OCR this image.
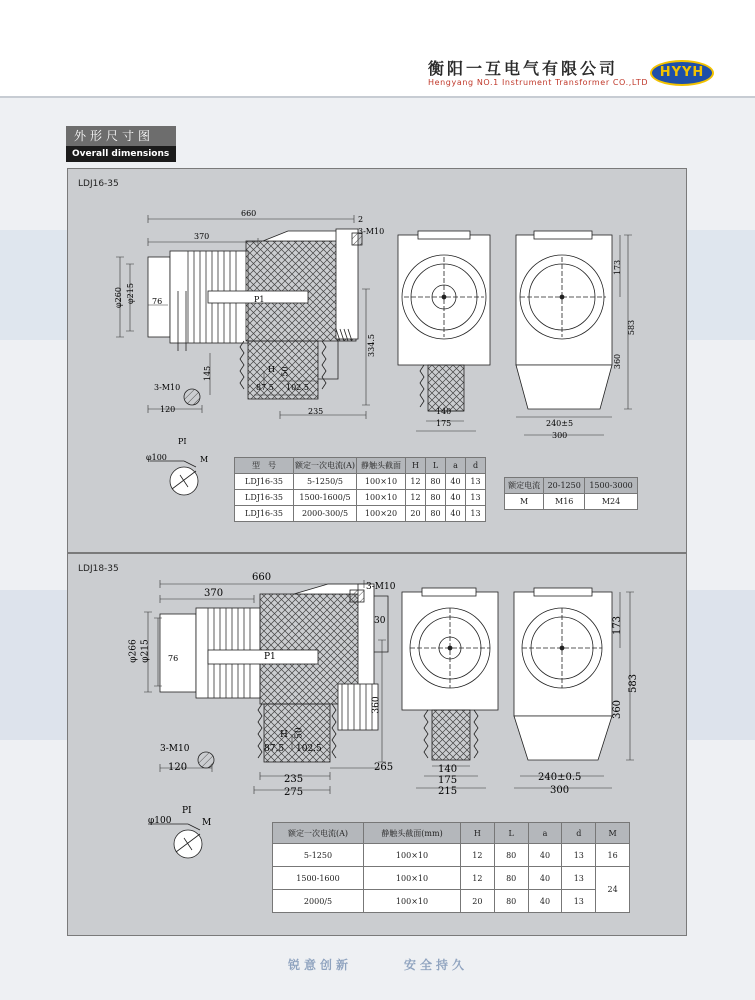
衡阳一互电气有限公司
Hengyang NO.1 Instrument Transformer CO.,LTD
HYYH
外形尺寸图
Overall dimensions
LDJ16-35
660
370
2
3-M10
φ260 φ215 76	P1
334.5
145	H 50
87.5 102.5
3-M10
120	235	140
175
173
583
360
240±5
300
PI
φ100	M
型　号	额定一次电流(A)	静触头截面	H	L	a	d
LDJ16-35	5-1250/5	100×10	12	80	40	13
LDJ16-35	1500-1600/5	100×10	12	80	40	13
LDJ16-35	2000-300/5	100×20	20	80	40	13
额定电流	20-1250	1500-3000
M	M16	M24
LDJ18-35
660
370
3-M10
30
φ266 φ215 76	P1
360
H 50
87.5 102.5
3-M10
120	265
235
275
140
175
215
173
583
360
240±0.5
300
PI
φ100	M
额定一次电流(A)	静触头截面(mm)	H	L	a	d	M
5-1250	100×10	12	80	40	13	16
1500-1600	100×10	12	80	40	13	24
2000/5	100×10	20	80	40	13	
锐意创新	安全持久
